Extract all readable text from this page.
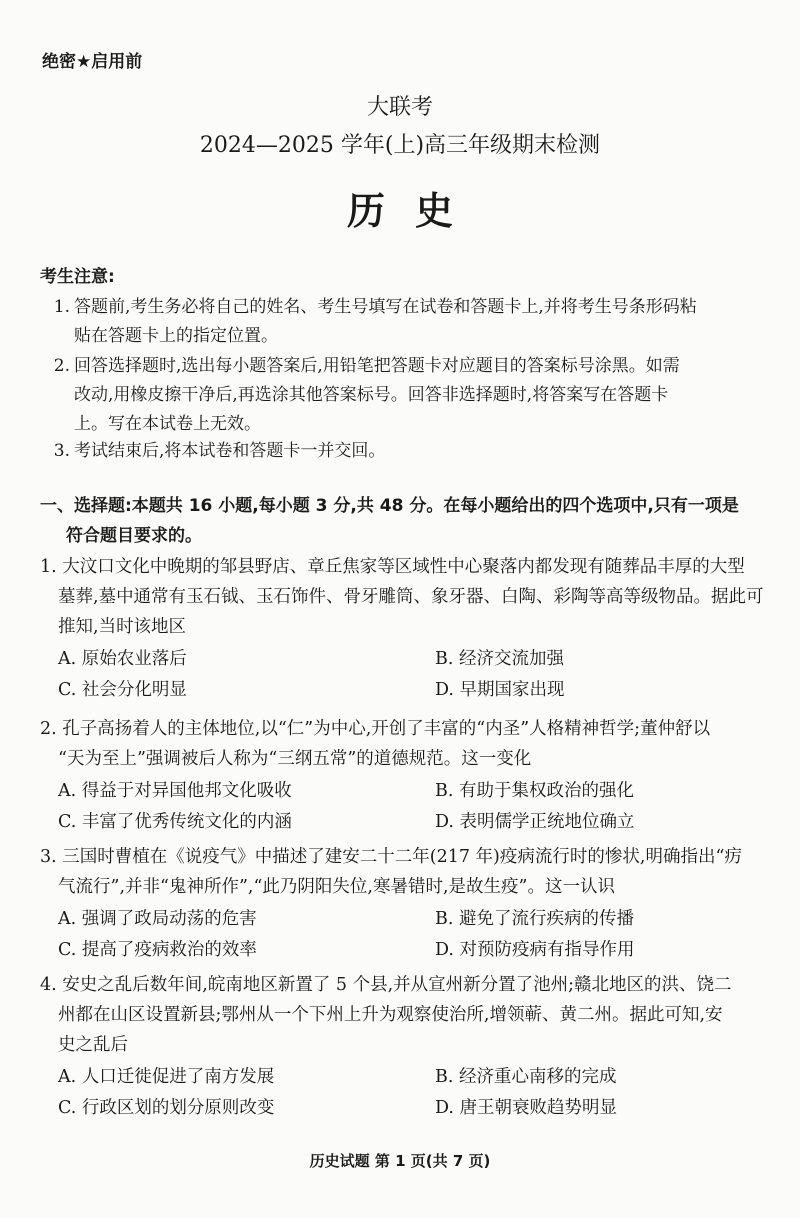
绝密★启用前
大联考
2024—2025 学年(上)高三年级期末检测
历史
考生注意:
1. 答题前,考生务必将自己的姓名、考生号填写在试卷和答题卡上,并将考生号条形码粘
贴在答题卡上的指定位置。
2. 回答选择题时,选出每小题答案后,用铅笔把答题卡对应题目的答案标号涂黑。如需
改动,用橡皮擦干净后,再选涂其他答案标号。回答非选择题时,将答案写在答题卡
上。写在本试卷上无效。
3. 考试结束后,将本试卷和答题卡一并交回。
一、选择题:本题共 16 小题,每小题 3 分,共 48 分。在每小题给出的四个选项中,只有一项是
符合题目要求的。
1. 大汶口文化中晚期的邹县野店、章丘焦家等区域性中心聚落内都发现有随葬品丰厚的大型
墓葬,墓中通常有玉石钺、玉石饰件、骨牙雕筒、象牙器、白陶、彩陶等高等级物品。据此可
推知,当时该地区
A. 原始农业落后	B. 经济交流加强
C. 社会分化明显	D. 早期国家出现
2. 孔子高扬着人的主体地位,以“仁”为中心,开创了丰富的“内圣”人格精神哲学;董仲舒以
“天为至上”强调被后人称为“三纲五常”的道德规范。这一变化
A. 得益于对异国他邦文化吸收	B. 有助于集权政治的强化
C. 丰富了优秀传统文化的内涵	D. 表明儒学正统地位确立
3. 三国时曹植在《说疫气》中描述了建安二十二年(217 年)疫病流行时的惨状,明确指出“疠
气流行”,并非“鬼神所作”,“此乃阴阳失位,寒暑错时,是故生疫”。这一认识
A. 强调了政局动荡的危害	B. 避免了流行疾病的传播
C. 提高了疫病救治的效率	D. 对预防疫病有指导作用
4. 安史之乱后数年间,皖南地区新置了 5 个县,并从宣州新分置了池州;赣北地区的洪、饶二
州都在山区设置新县;鄂州从一个下州上升为观察使治所,增领蕲、黄二州。据此可知,安
史之乱后
A. 人口迁徙促进了南方发展	B. 经济重心南移的完成
C. 行政区划的划分原则改变	D. 唐王朝衰败趋势明显
历史试题 第 1 页(共 7 页)
